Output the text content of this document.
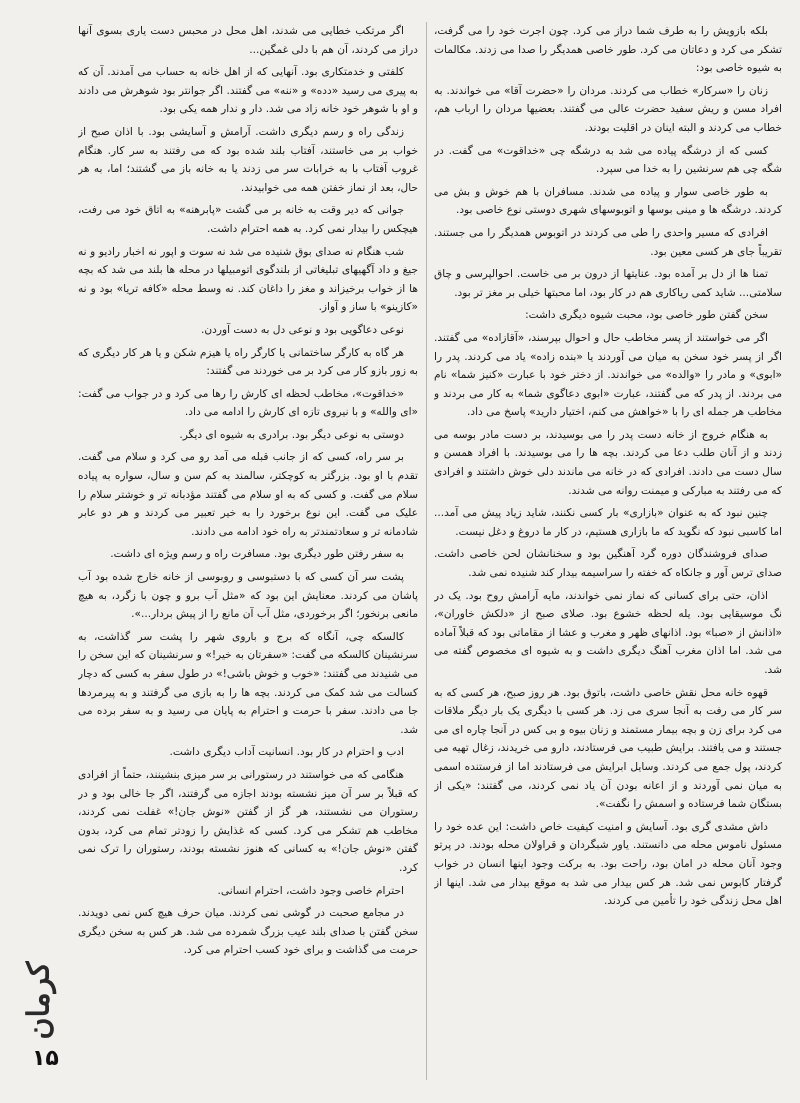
بلکه بازویش را به طرف شما دراز می کرد. چون اجرت خود را می گرفت، تشکر می کرد و دعاتان می کرد. طور خاصی همدیگر را صدا می زدند. مکالمات به شیوه خاصی بود:

زنان را «سرکار» خطاب می کردند. مردان را «حضرت آقا» می خواندند. به افراد مسن و ریش سفید حضرت عالی می گفتند. بعضیها مردان را ارباب هم، خطاب می کردند و البته اینان در اقلیت بودند.

کسی که از درشگه پیاده می شد به درشگه چی «خداقوت» می گفت. در شگه چی هم سرنشین را به خدا می سپرد.

به طور خاصی سوار و پیاده می شدند. مسافران با هم خوش و بش می کردند. درشگه ها و مینی بوسها و اتوبوسهای شهری دوستی نوع خاصی بود.

افرادی که مسیر واحدی را طی می کردند در اتوبوس همدیگر را می جستند. تقریباً جای هر کسی معین بود.

تمنا ها از دل بر آمده بود. عنایتها از درون بر می خاست. احوالپرسی و چاق سلامتی... شاید کمی ریاکاری هم در کار بود، اما محبتها خیلی بر مغز تر بود.

سخن گفتن طور خاصی بود، محبت شیوه دیگری داشت:

اگر می خواستند از پسر مخاطب حال و احوال بپرسند، «آقازاده» می گفتند. اگر از پسر خود سخن به میان می آوردند یا «بنده زاده» یاد می کردند. پدر را «ابوی» و مادر را «والده» می خواندند. از دختر خود با عبارت «کنیز شما» نام می بردند. از پدر که می گفتند، عبارت «ابوی دعاگوی شما» به کار می بردند و مخاطب هر جمله ای را با «خواهش می کنم، اختیار دارید» پاسخ می داد.

به هنگام خروج از خانه دست پدر را می بوسیدند، بر دست مادر بوسه می زدند و از آنان طلب دعا می کردند. بچه ها را می بوسیدند. با افراد همسن و سال دست می دادند. افرادی که در خانه می ماندند دلی خوش داشتند و افرادی که می رفتند به مبارکی و میمنت روانه می شدند.

چنین نبود که به عنوان «بازاری» بار کسی نکنند، شاید زیاد پیش می آمد... اما کاسبی نبود که نگوید که ما بازاری هستیم، در کار ما دروغ و دغل نیست.

صدای فروشندگان دوره گرد آهنگین بود و سخنانشان لحن خاصی داشت. صدای ترس آور و جانکاه که خفته را سراسیمه بیدار کند شنیده نمی شد.

اذان، حتی برای کسانی که نماز نمی خواندند، مایه آرامش روح بود. یک در نگ موسیقایی بود. یله لحظه خشوع بود. صلای صبح از «دلکش خاوران»، «اذانش از «صبا» بود. اذانهای ظهر و مغرب و عشا از مقاماتی بود که قبلاً آماده می شد. اما اذان مغرب آهنگ دیگری داشت و به شیوه ای مخصوص گفته می شد.

قهوه خانه محل نقش خاصی داشت، باتوق بود. هر روز صبح، هر کسی که به سر کار می رفت به آنجا سری می زد. هر کسی با دیگری یک بار دیگر ملاقات می کرد برای زن و بچه بیمار مستمند و زنان بیوه و بی کس در آنجا چاره ای می جستند و می یافتند. برایش طبیب می فرستادند، دارو می خریدند، زغال تهیه می کردند، پول جمع می کردند. وسایل ابرایش می فرستادند اما از فرستنده اسمی به میان نمی آوردند و از اعانه بودن آن یاد نمی کردند، می گفتند: «یکی از بستگان شما فرستاده و اسمش را نگفت».

داش مشدی گری بود. آسایش و امنیت کیفیت خاص داشت: این عده خود را مسئول ناموس محله می دانستند. یاور شبگردان و قراولان محله بودند. در پرتو وجود آنان محله در امان بود، راحت بود. به برکت وجود اینها انسان در خواب گرفتار کابوس نمی شد. هر کس بیدار می شد به موقع بیدار می شد. اینها از اهل محل زندگی خود را تأمین می کردند.

اگر مرتکب خطایی می شدند، اهل محل در محبس دست یاری بسوی آنها دراز می کردند، آن هم با دلی غمگین...

کلفتی و خدمتکاری بود. آنهایی که از اهل خانه به حساب می آمدند. آن که به پیری می رسید «دده» و «ننه» می گفتند. اگر جوانتر بود شوهرش می دادند و او با شوهر خود خانه زاد می شد. دار و ندار همه یکی بود.

زندگی راه و رسم دیگری داشت. آرامش و آسایشی بود. با اذان صبح از خواب بر می خاستند، آفتاب بلند شده بود که می رفتند به سر کار. هنگام غروب آفتاب با به خرابات سر می زدند یا به خانه باز می گشتند؛ اما، به هر حال، بعد از نماز خفتن همه می خوابیدند.

جوانی که دیر وقت به خانه بر می گشت «پابرهنه» به اتاق خود می رفت، هیچکس را بیدار نمی کرد. به همه احترام داشت.

شب هنگام نه صدای بوق شنیده می شد نه سوت و اپور نه اخبار رادیو و نه جیغ و داد آگهیهای تبلیغاتی از بلندگوی اتومبیلها در محله ها بلند می شد که بچه ها از خواب برخیزاند و مغز را داغان کند. نه وسط محله «کافه تریا» بود و نه «کازینو» با ساز و آواز.

نوعی دعاگویی بود و نوعی دل به دست آوردن.

هر گاه به کارگر ساختمانی یا کارگر راه یا هیزم شکن و یا هر کار دیگری که به زور بازو کار می کرد بر می خوردند می گفتند:

«خداقوت»، مخاطب لحظه ای کارش را رها می کرد و در جواب می گفت: «ای والله» و با نیروی تازه ای کارش را ادامه می داد.

دوستی به نوعی دیگر بود. برادری به شیوه ای دیگر.

بر سر راه، کسی که از جانب قبله می آمد رو می کرد و سلام می گفت. تقدم با او بود. بزرگتر به کوچکتر، سالمند به کم سن و سال، سواره به پیاده سلام می گفت. و کسی که به او سلام می گفتند مؤدبانه تر و خوشتر سلام را علیک می گفت. این نوع برخورد را به خیر تعبیر می کردند و هر دو عابر شادمانه تر و سعادتمندتر به راه خود ادامه می دادند.

به سفر رفتن طور دیگری بود. مسافرت راه و رسم ویژه ای داشت.

پشت سر آن کسی که با دستبوسی و روبوسی از خانه خارج شده بود آب پاشان می کردند. معنایش این بود که «مثل آب برو و چون با زگرد، به هیچ مانعی برنخور؛ اگر برخوردی، مثل آب آن مانع را از پیش بردار...».

کالسکه چی، آنگاه که برج و باروی شهر را پشت سر گذاشت، به سرنشینان کالسکه می گفت: «سفرتان به خیر!» و سرنشینان که این سخن را می شنیدند می گفتند: «خوب و خوش باشی!» در طول سفر به کسی که دچار کسالت می شد کمک می کردند. بچه ها را به بازی می گرفتند و به پیرمردها جا می دادند. سفر با حرمت و احترام به پایان می رسید و به سفر برده می شد.

ادب و احترام در کار بود. انسانیت آداب دیگری داشت.

هنگامی که می خواستند در رستورانی بر سر میزی بنشینند، حتماً از افرادی که قبلاً بر سر آن میز نشسته بودند اجازه می گرفتند، اگر جا خالی بود و در رستوران می نشستند، هر گز از گفتن «نوش جان!» غفلت نمی کردند، مخاطب هم تشکر می کرد. کسی که غذایش را زودتر تمام می کرد، بدون گفتن «نوش جان!» به کسانی که هنوز نشسته بودند، رستوران را ترک نمی کرد.

احترام خاصی وجود داشت، احترام انسانی.

در مجامع صحبت در گوشی نمی کردند. میان حرف هیچ کس نمی دویدند. سخن گفتن با صدای بلند عیب بزرگ شمرده می شد. هر کس به سخن دیگری حرمت می گذاشت و برای خود کسب احترام می کرد.

کرمان
۱۵
